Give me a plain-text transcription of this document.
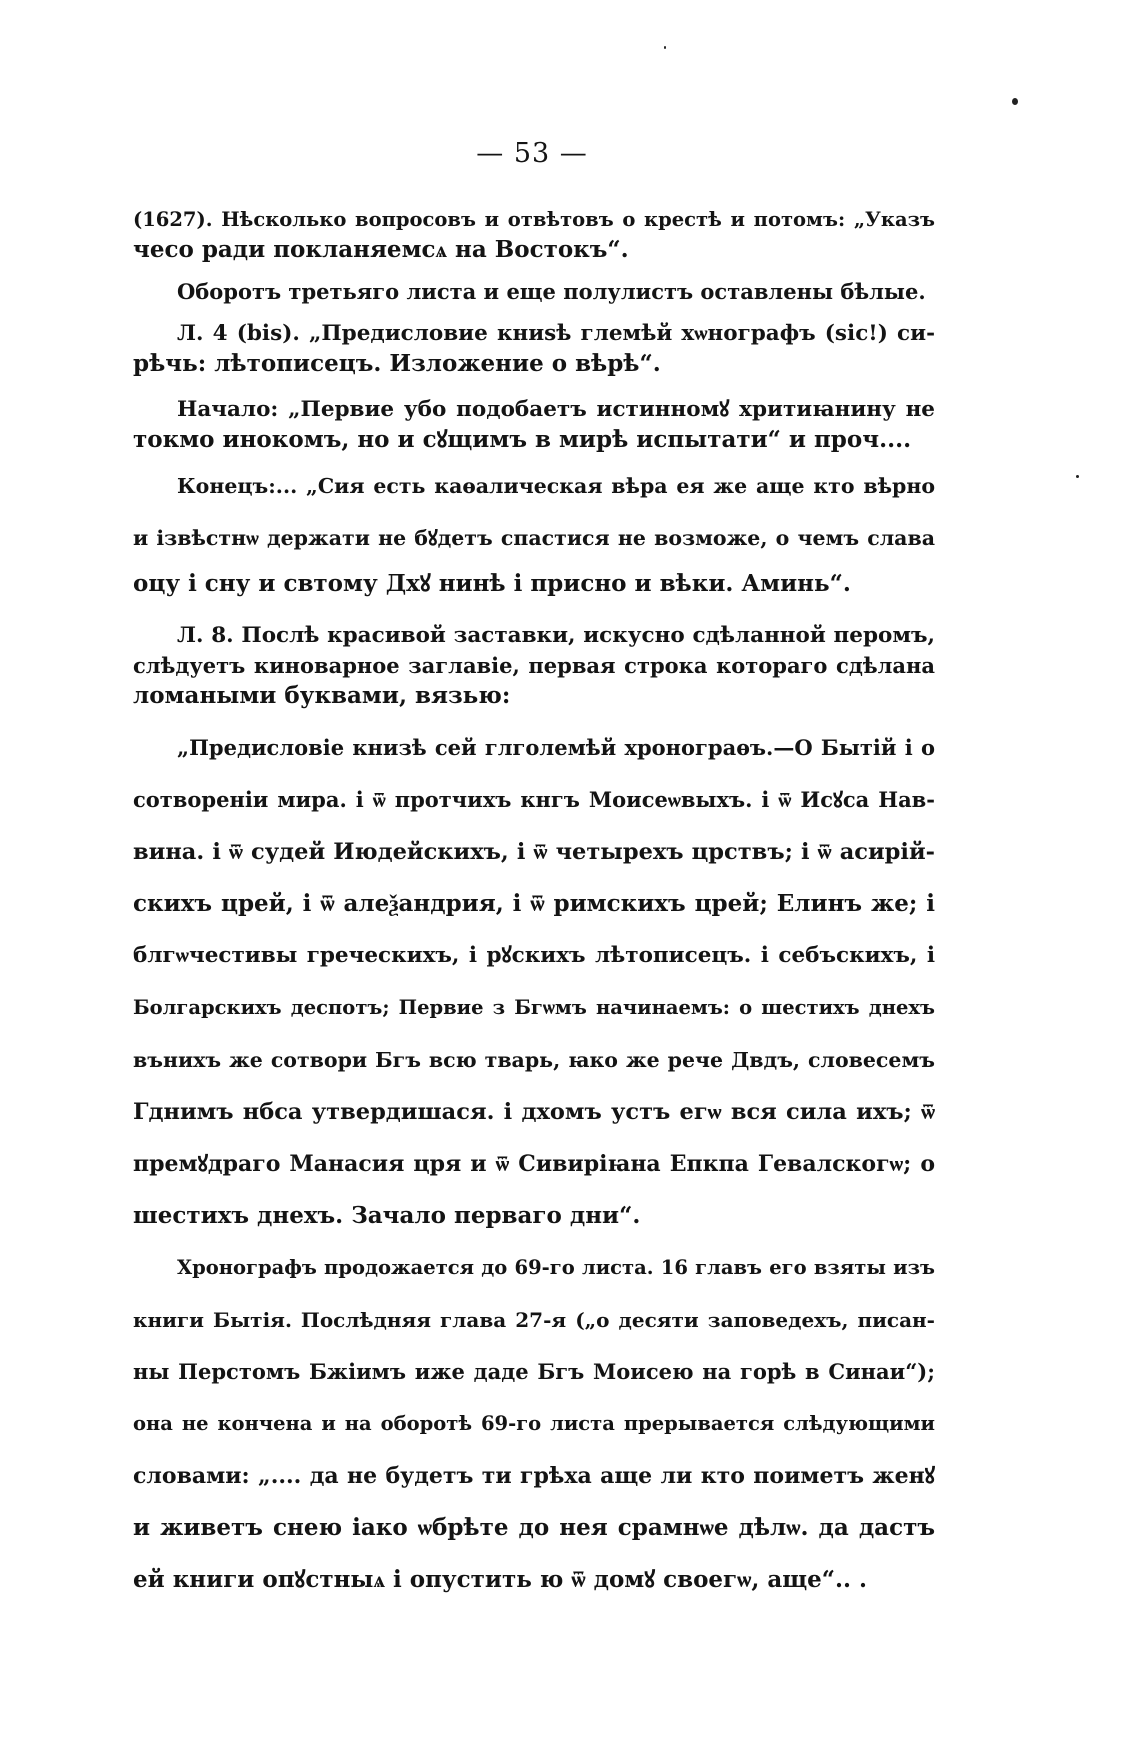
— 53 —
(1627). Нѣсколько вопросовъ и отвѣтовъ о крестѣ и потомъ: „Указъ
чесо ради покланяемсѧ на Востокъ“.
Оборотъ третьяго листа и еще полулистъ оставлены бѣлые.
Л. 4 (bis). „Предисловие книѕѣ глемѣй хѡнографъ (sic!) си-
рѣчь: лѣтописецъ. Изложение о вѣрѣ“.
Начало: „Первие убо подобаетъ истинномꙋ хритиꙗнину не
токмо инокомъ, но и сꙋщимъ в мирѣ испытати“ и проч....
Конецъ:... „Сия есть каѳалическая вѣра ея же аще кто вѣрно
и ізвѣстнѡ держати не бꙋдетъ спастися не возможе, о чемъ слава
оцу і сну и свтому Дхꙋ нинѣ і присно и вѣки. Аминь“.
Л. 8. Послѣ красивой заставки, искусно сдѣланной перомъ,
слѣдуетъ киноварное заглавіе, первая строка котораго сдѣлана
ломаными буквами, вязью:
„Предисловіе книзѣ сей глголемѣй хронограѳъ.—О Бытій і о
сотвореніи мира. і ѿ протчихъ кнгъ Моисеѡвыхъ. і ѿ Исꙋса Нав-
вина. і ѿ судей Июдейскихъ, і ѿ четырехъ црствъ; і ѿ асирій-
скихъ црей, і ѿ алеѯандрия, і ѿ римскихъ црей; Елинъ же; і
блгѡчестивы греческихъ, і рꙋскихъ лѣтописецъ. і себъскихъ, і
Болгарскихъ деспотъ; Первие з Бгѡмъ начинаемъ: о шестихъ днехъ
вънихъ же сотвори Бгъ всю тварь, ꙗко же рече Двдъ, словесемъ
Гднимъ нбса утвердишася. і дхомъ устъ егѡ вся сила ихъ; ѿ
премꙋдраго Манасия цря и ѿ Сивиріꙗна Епкпа Гевалскогѡ; о
шестихъ днехъ. Зачало перваго дни“.
Хронографъ продожается до 69-го листа. 16 главъ его взяты изъ
книги Бытія. Послѣдняя глава 27-я („о десяти заповедехъ, писан-
ны Перстомъ Бжіимъ иже даде Бгъ Моисею на горѣ в Синаи“);
она не кончена и на оборотѣ 69-го листа прерывается слѣдующими
словами: „.... да не будетъ ти грѣха аще ли кто поиметъ женꙋ
и живетъ снею іако ѡбрѣте до нея срамнѡе дѣлѡ. да дастъ
ей книги опꙋстныѧ і опустить ю ѿ домꙋ своегѡ, аще“.. .
